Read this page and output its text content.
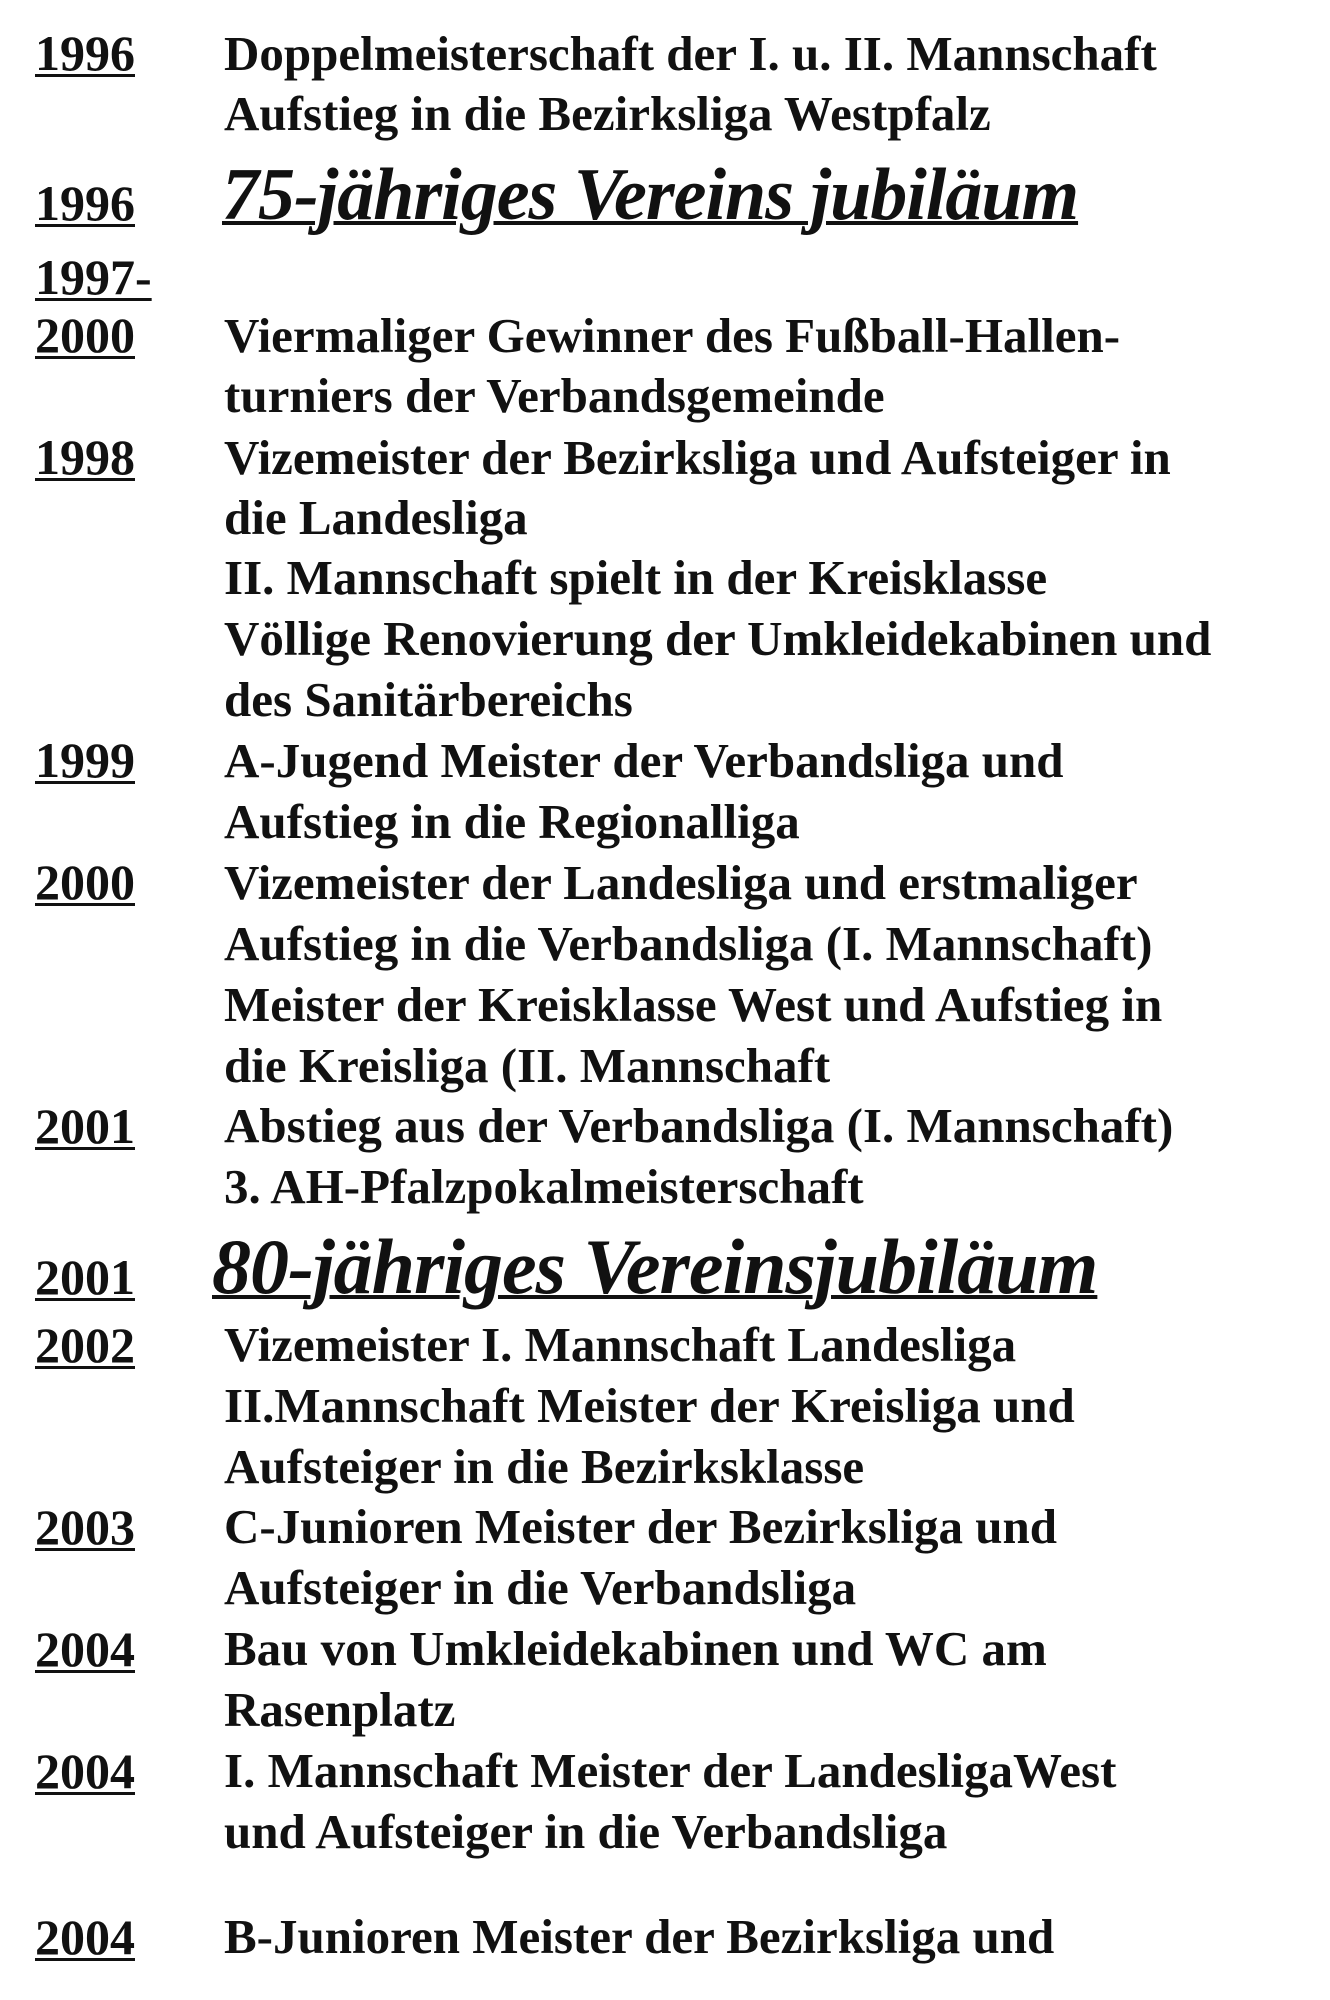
1996 Doppelmeisterschaft der I. u. II. Mannschaft
Aufstieg in die Bezirksliga Westpfalz
1996 75-jähriges Vereins jubiläum
1997-
2000 Viermaliger Gewinner des Fußball-Hallen-
turniers der Verbandsgemeinde
1998 Vizemeister der Bezirksliga und Aufsteiger in
die Landesliga
II. Mannschaft spielt in der Kreisklasse
Völlige Renovierung der Umkleidekabinen und
des Sanitärbereichs
1999 A-Jugend Meister der Verbandsliga und
Aufstieg in die Regionalliga
2000 Vizemeister der Landesliga und erstmaliger
Aufstieg in die Verbandsliga (I. Mannschaft)
Meister der Kreisklasse West und Aufstieg in
die Kreisliga (II. Mannschaft
2001 Abstieg aus der Verbandsliga (I. Mannschaft)
3. AH-Pfalzpokalmeisterschaft
2001 80-jähriges Vereinsjubiläum
2002 Vizemeister I. Mannschaft Landesliga
II.Mannschaft Meister der Kreisliga und
Aufsteiger in die Bezirksklasse
2003 C-Junioren Meister der Bezirksliga und
Aufsteiger in die Verbandsliga
2004 Bau von Umkleidekabinen und WC am
Rasenplatz
2004 I. Mannschaft Meister der LandesligaWest
und Aufsteiger in die Verbandsliga
2004 B-Junioren Meister der Bezirksliga und
